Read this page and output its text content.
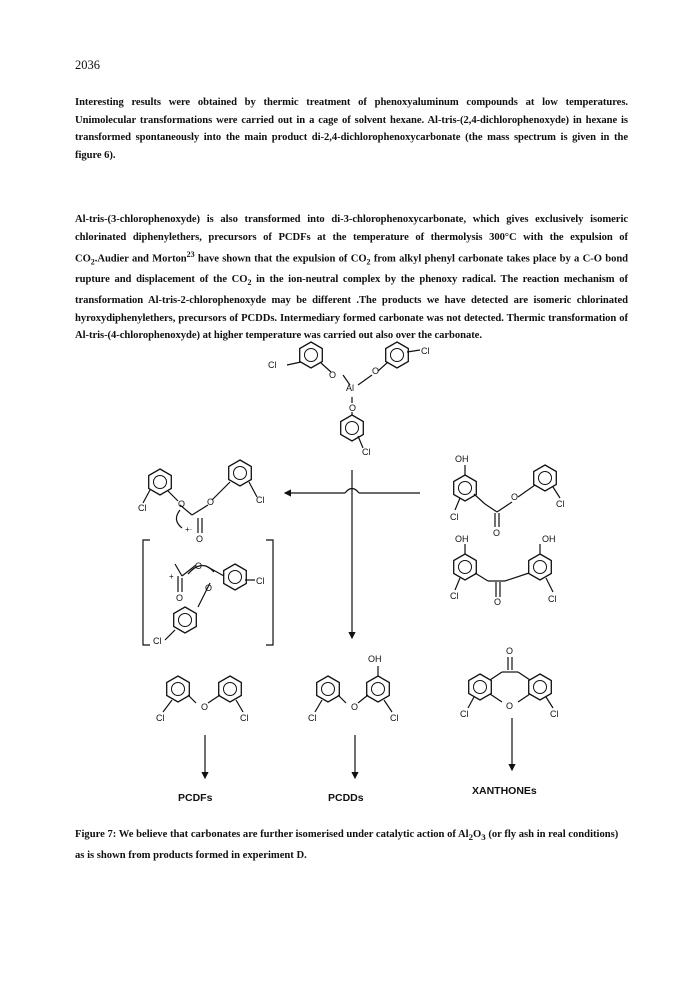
2036
Interesting results were obtained by thermic treatment of phenoxyaluminum compounds at low temperatures. Unimolecular transformations were carried out in a cage of solvent hexane. Al-tris-(2,4-dichlorophenoxyde) in hexane is transformed spontaneously into the main product di-2,4-dichlorophenoxycarbonate (the mass spectrum is given in the figure 6).
Al-tris-(3-chlorophenoxyde) is also transformed into di-3-chlorophenoxycarbonate, which gives exclusively isomeric chlorinated diphenylethers, precursors of PCDFs at the temperature of thermolysis 300°C with the expulsion of $CO_2.Audier$ and Morton$^{23}$ have shown that the expulsion of $CO_2$ from alkyl phenyl carbonate takes place by a C-O bond rupture and displacement of the $CO_2$ in the ion-neutral complex by the phenoxy radical. The reaction mechanism of transformation Al-tris-2-chlorophenoxyde may be different .The products we have detected are isomeric chlorinated hyroxydiphenylethers, precursors of PCDDs. Intermediary formed carbonate was not detected. Thermic transformation of Al-tris-(4-chlorophenoxyde) at higher temperature was carried out also over the carbonate.
Cl
O
Al
O
O
Cl
Cl
Cl	O O	Cl
O
+·
+
O
O
O
Cl
Cl
OH
Cl
O
O
Cl
OH	OH
Cl
O	Cl
Cl
O
Cl
OH
Cl
O
Cl
O
O
Cl	Cl
PCDFs	PCDDs
XANTHONEs
Figure 7: We believe that carbonates are further isomerised under catalytic action of $Al_2O_3$ (or fly ash in real conditions) as is shown from products formed in experiment D.
